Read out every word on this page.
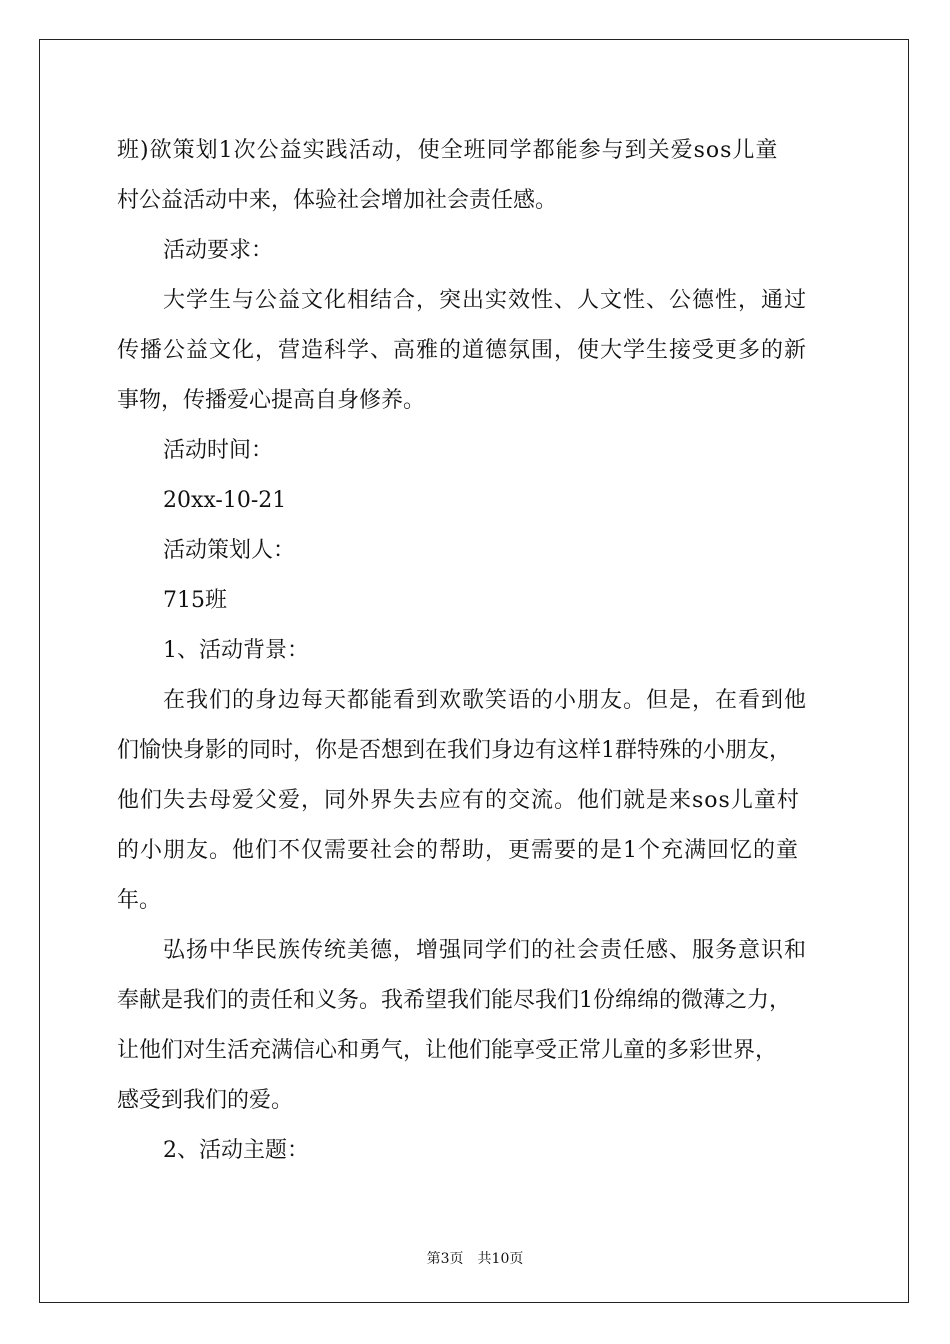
班)欲策划1次公益实践活动，使全班同学都能参与到关爱sos儿童
村公益活动中来，体验社会增加社会责任感。
活动要求：
大学生与公益文化相结合，突出实效性、人文性、公德性，通过
传播公益文化，营造科学、高雅的道德氛围，使大学生接受更多的新
事物，传播爱心提高自身修养。
活动时间：
20xx-10-21
活动策划人：
715班
1、活动背景：
在我们的身边每天都能看到欢歌笑语的小朋友。但是，在看到他
们愉快身影的同时，你是否想到在我们身边有这样1群特殊的小朋友，
他们失去母爱父爱，同外界失去应有的交流。他们就是来sos儿童村
的小朋友。他们不仅需要社会的帮助，更需要的是1个充满回忆的童
年。
弘扬中华民族传统美德，增强同学们的社会责任感、服务意识和
奉献是我们的责任和义务。我希望我们能尽我们1份绵绵的微薄之力，
让他们对生活充满信心和勇气，让他们能享受正常儿童的多彩世界，
感受到我们的爱。
2、活动主题：
第3页 共10页
